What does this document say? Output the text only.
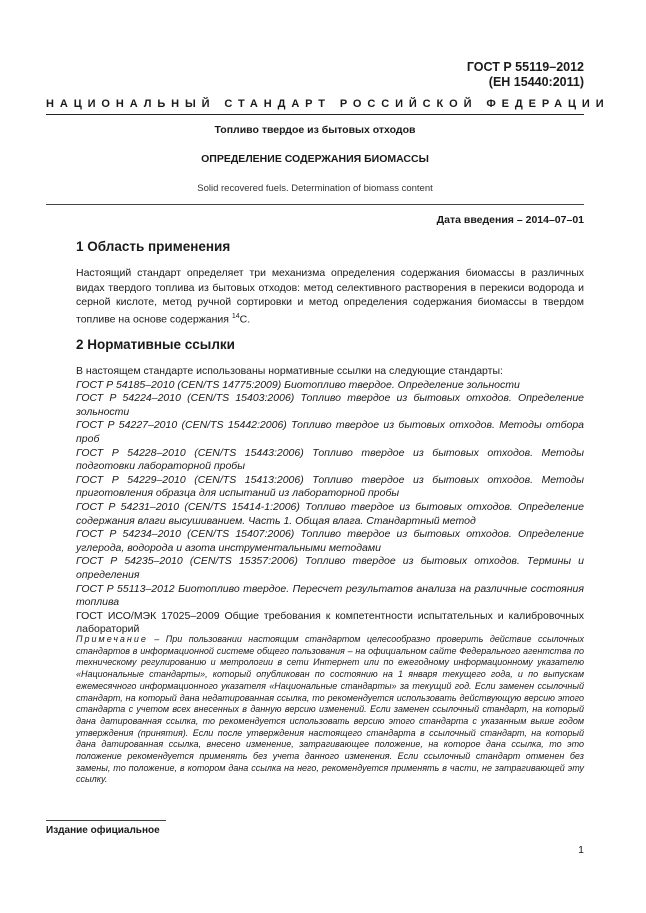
ГОСТ Р 55119–2012
(ЕН 15440:2011)
НАЦИОНАЛЬНЫЙ СТАНДАРТ РОССИЙСКОЙ ФЕДЕРАЦИИ
Топливо твердое из бытовых отходов
ОПРЕДЕЛЕНИЕ СОДЕРЖАНИЯ БИОМАССЫ
Solid recovered fuels. Determination of biomass content
Дата введения – 2014–07–01
1 Область применения
Настоящий стандарт определяет три механизма определения содержания биомассы в различных видах твердого топлива из бытовых отходов: метод селективного растворения в перекиси водорода и серной кислоте, метод ручной сортировки и метод определения содержания биомассы в твердом топливе на основе содержания $^{14}$С.
2 Нормативные ссылки

В настоящем стандарте использованы нормативные ссылки на следующие стандарты:

ГОСТ Р 54185–2010 (CEN/TS 14775:2009) Биотопливо твердое. Определение зольности

ГОСТ Р 54224–2010 (CEN/TS 15403:2006) Топливо твердое из бытовых отходов. Определение зольности

ГОСТ Р 54227–2010 (CEN/TS 15442:2006) Топливо твердое из бытовых отходов. Методы отбора проб

ГОСТ Р 54228–2010 (CEN/TS 15443:2006) Топливо твердое из бытовых отходов. Методы подготовки лабораторной пробы

ГОСТ Р 54229–2010 (CEN/TS 15413:2006) Топливо твердое из бытовых отходов. Методы приготовления образца для испытаний из лабораторной пробы

ГОСТ Р 54231–2010 (CEN/TS 15414-1:2006) Топливо твердое из бытовых отходов. Определение содержания влаги высушиванием. Часть 1. Общая влага. Стандартный метод

ГОСТ Р 54234–2010 (CEN/TS 15407:2006) Топливо твердое из бытовых отходов. Определение углерода, водорода и азота инструментальными методами

ГОСТ Р 54235–2010 (CEN/TS 15357:2006) Топливо твердое из бытовых отходов. Термины и определения

ГОСТ Р 55113–2012 Биотопливо твердое. Пересчет результатов анализа на различные состояния топлива

ГОСТ ИСО/МЭК 17025–2009 Общие требования к компетентности испытательных и калибровочных лабораторий

Примечание – При пользовании настоящим стандартом целесообразно проверить действие ссылочных стандартов в информационной системе общего пользования – на официальном сайте Федерального агентства по техническому регулированию и метрологии в сети Интернет или по ежегодному информационному указателю «Национальные стандарты», который опубликован по состоянию на 1 января текущего года, и по выпускам ежемесячного информационного указателя «Национальные стандарты» за текущий год. Если заменен ссылочный стандарт, на который дана недатированная ссылка, то рекомендуется использовать действующую версию этого стандарта с учетом всех внесенных в данную версию изменений. Если заменен ссылочный стандарт, на который дана датированная ссылка, то рекомендуется использовать версию этого стандарта с указанным выше годом утверждения (принятия). Если после утверждения настоящего стандарта в ссылочный стандарт, на который дана датированная ссылка, внесено изменение, затрагивающее положение, на которое дана ссылка, то это положение рекомендуется применять без учета данного изменения. Если ссылочный стандарт отменен без замены, то положение, в котором дана ссылка на него, рекомендуется применять в части, не затрагивающей эту ссылку.
Издание официальное
1
